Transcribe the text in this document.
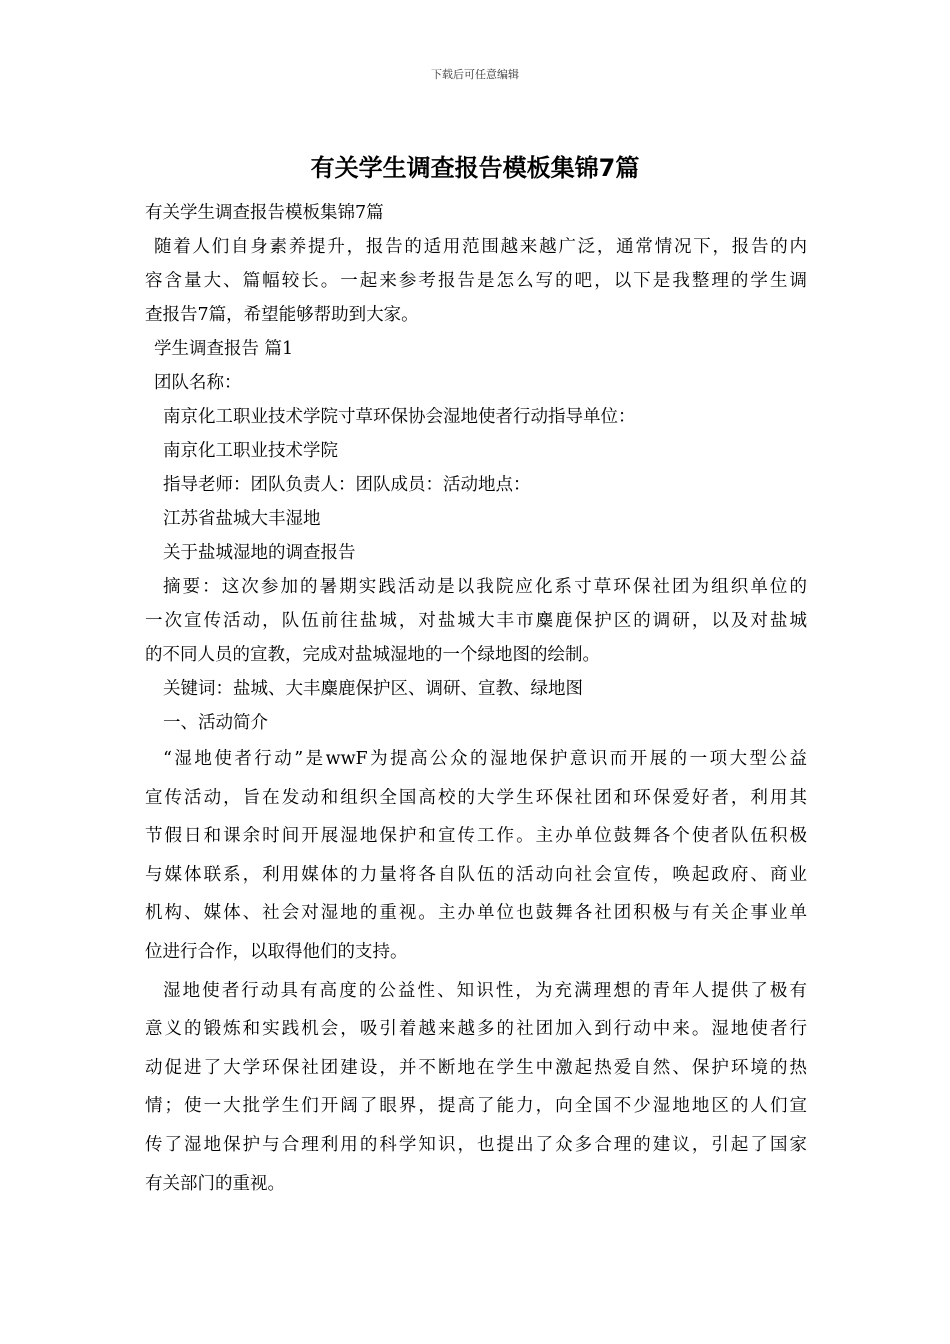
下载后可任意编辑
有关学生调查报告模板集锦7篇
有关学生调查报告模板集锦7篇
随着人们自身素养提升，报告的适用范围越来越广泛，通常情况下，报告的内
容含量大、篇幅较长。一起来参考报告是怎么写的吧，以下是我整理的学生调
查报告7篇，希望能够帮助到大家。
学生调查报告 篇1
团队名称：
南京化工职业技术学院寸草环保协会湿地使者行动指导单位：
南京化工职业技术学院
指导老师：团队负责人：团队成员：活动地点：
江苏省盐城大丰湿地
关于盐城湿地的调查报告
摘要：这次参加的暑期实践活动是以我院应化系寸草环保社团为组织单位的
一次宣传活动，队伍前往盐城，对盐城大丰市麋鹿保护区的调研，以及对盐城
的不同人员的宣教，完成对盐城湿地的一个绿地图的绘制。
关键词：盐城、大丰麋鹿保护区、调研、宣教、绿地图
一、活动简介
“湿地使者行动”是wwF为提高公众的湿地保护意识而开展的一项大型公益
宣传活动，旨在发动和组织全国高校的大学生环保社团和环保爱好者，利用其
节假日和课余时间开展湿地保护和宣传工作。主办单位鼓舞各个使者队伍积极
与媒体联系，利用媒体的力量将各自队伍的活动向社会宣传，唤起政府、商业
机构、媒体、社会对湿地的重视。主办单位也鼓舞各社团积极与有关企事业单
位进行合作，以取得他们的支持。
湿地使者行动具有高度的公益性、知识性，为充满理想的青年人提供了极有
意义的锻炼和实践机会，吸引着越来越多的社团加入到行动中来。湿地使者行
动促进了大学环保社团建设，并不断地在学生中激起热爱自然、保护环境的热
情；使一大批学生们开阔了眼界，提高了能力，向全国不少湿地地区的人们宣
传了湿地保护与合理利用的科学知识，也提出了众多合理的建议，引起了国家
有关部门的重视。
